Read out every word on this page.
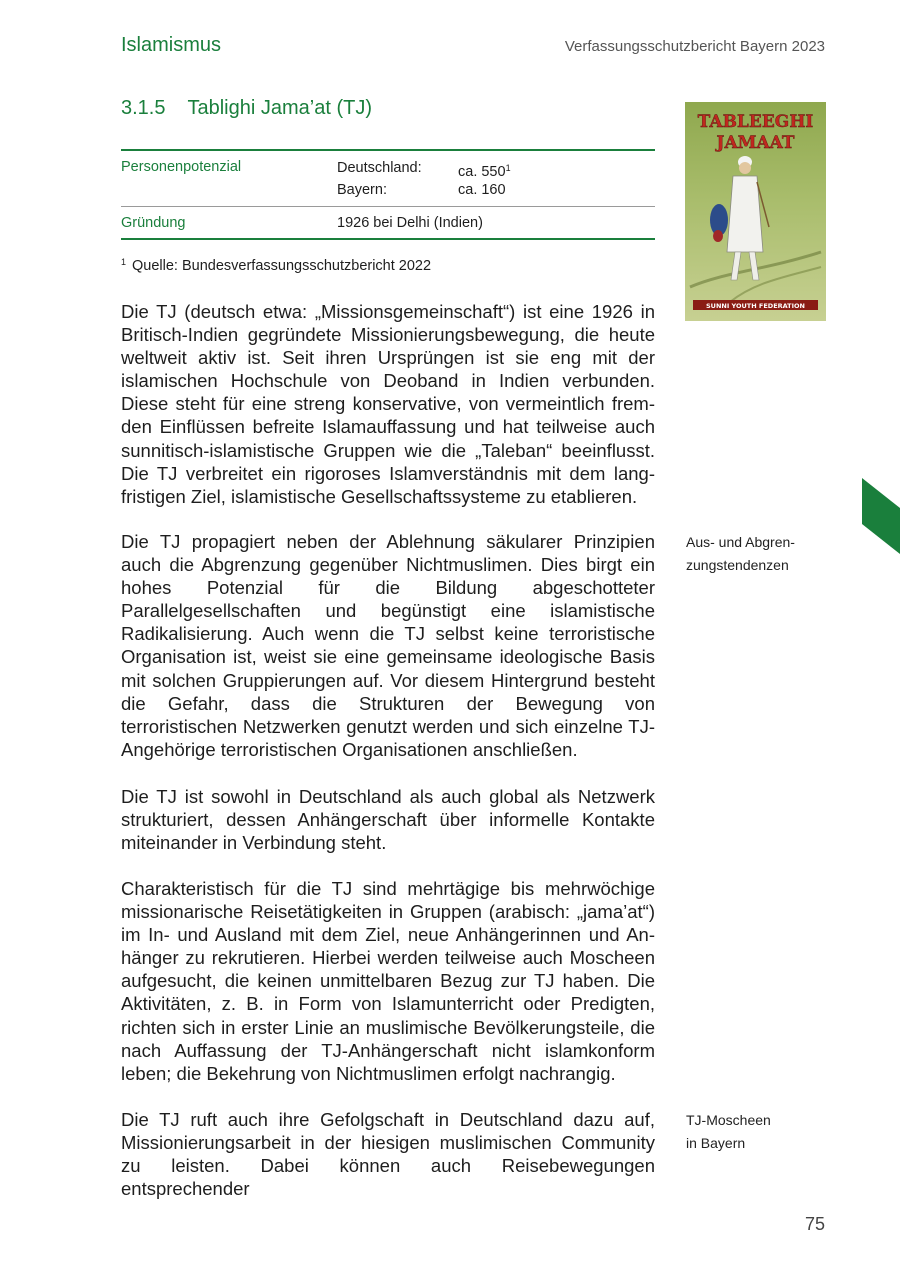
Islamismus	Verfassungsschutzbericht Bayern 2023
3.1.5 Tablighi Jama’at (TJ)
Personenpotenzial	Deutschland:	ca. $550^1$
Bayern:	ca. 160
Gründung	1926 bei Delhi (Indien)
$^1$ Quelle: Bundesverfassungsschutzbericht 2022

Die TJ (deutsch etwa: „Missionsgemeinschaft“) ist eine 1926 in Britisch-Indien gegründete Missionierungsbewegung, die heute weltweit aktiv ist. Seit ihren Ursprüngen ist sie eng mit der islamischen Hochschule von Deoband in Indien verbunden. Diese steht für eine streng konservative, von vermeintlich fremden Einflüssen befreite Islamauffassung und hat teilweise auch sunnitisch-islamistische Gruppen wie die „Taleban“ beeinflusst. Die TJ verbreitet ein rigoroses Islamverständnis mit dem langfristigen Ziel, islamistische Gesellschaftssysteme zu etablieren.

Die TJ propagiert neben der Ablehnung säkularer Prinzipien auch die Abgrenzung gegenüber Nichtmuslimen. Dies birgt ein hohes Potenzial für die Bildung abgeschotteter Parallelgesellschaften und begünstigt eine islamistische Radikalisierung. Auch wenn die TJ selbst keine terroristische Organisation ist, weist sie eine gemeinsame ideologische Basis mit solchen Gruppierungen auf. Vor diesem Hintergrund besteht die Gefahr, dass die Strukturen der Bewegung von terroristischen Netzwerken genutzt werden und sich einzelne TJ-Angehörige terroristischen Organisationen anschließen.

Die TJ ist sowohl in Deutschland als auch global als Netzwerk strukturiert, dessen Anhängerschaft über informelle Kontakte miteinander in Verbindung steht.

Charakteristisch für die TJ sind mehrtägige bis mehrwöchige missionarische Reisetätigkeiten in Gruppen (arabisch: „jama’at“) im In- und Ausland mit dem Ziel, neue Anhängerinnen und Anhänger zu rekrutieren. Hierbei werden teilweise auch Moscheen aufgesucht, die keinen unmittelbaren Bezug zur TJ haben. Die Aktivitäten, z. B. in Form von Islamunterricht oder Predigten, richten sich in erster Linie an muslimische Bevölkerungsteile, die nach Auffassung der TJ-Anhängerschaft nicht islamkonform leben; die Bekehrung von Nichtmuslimen erfolgt nachrangig.

Die TJ ruft auch ihre Gefolgschaft in Deutschland dazu auf, Missionierungsarbeit in der hiesigen muslimischen Community zu leisten. Dabei können auch Reisebewegungen entsprechender

Aus- und Abgren-
zungstendenzen
TJ-Moscheen
in Bayern
75
TABLEEGHI
JAMAAT
SUNNI YOUTH FEDERATION
